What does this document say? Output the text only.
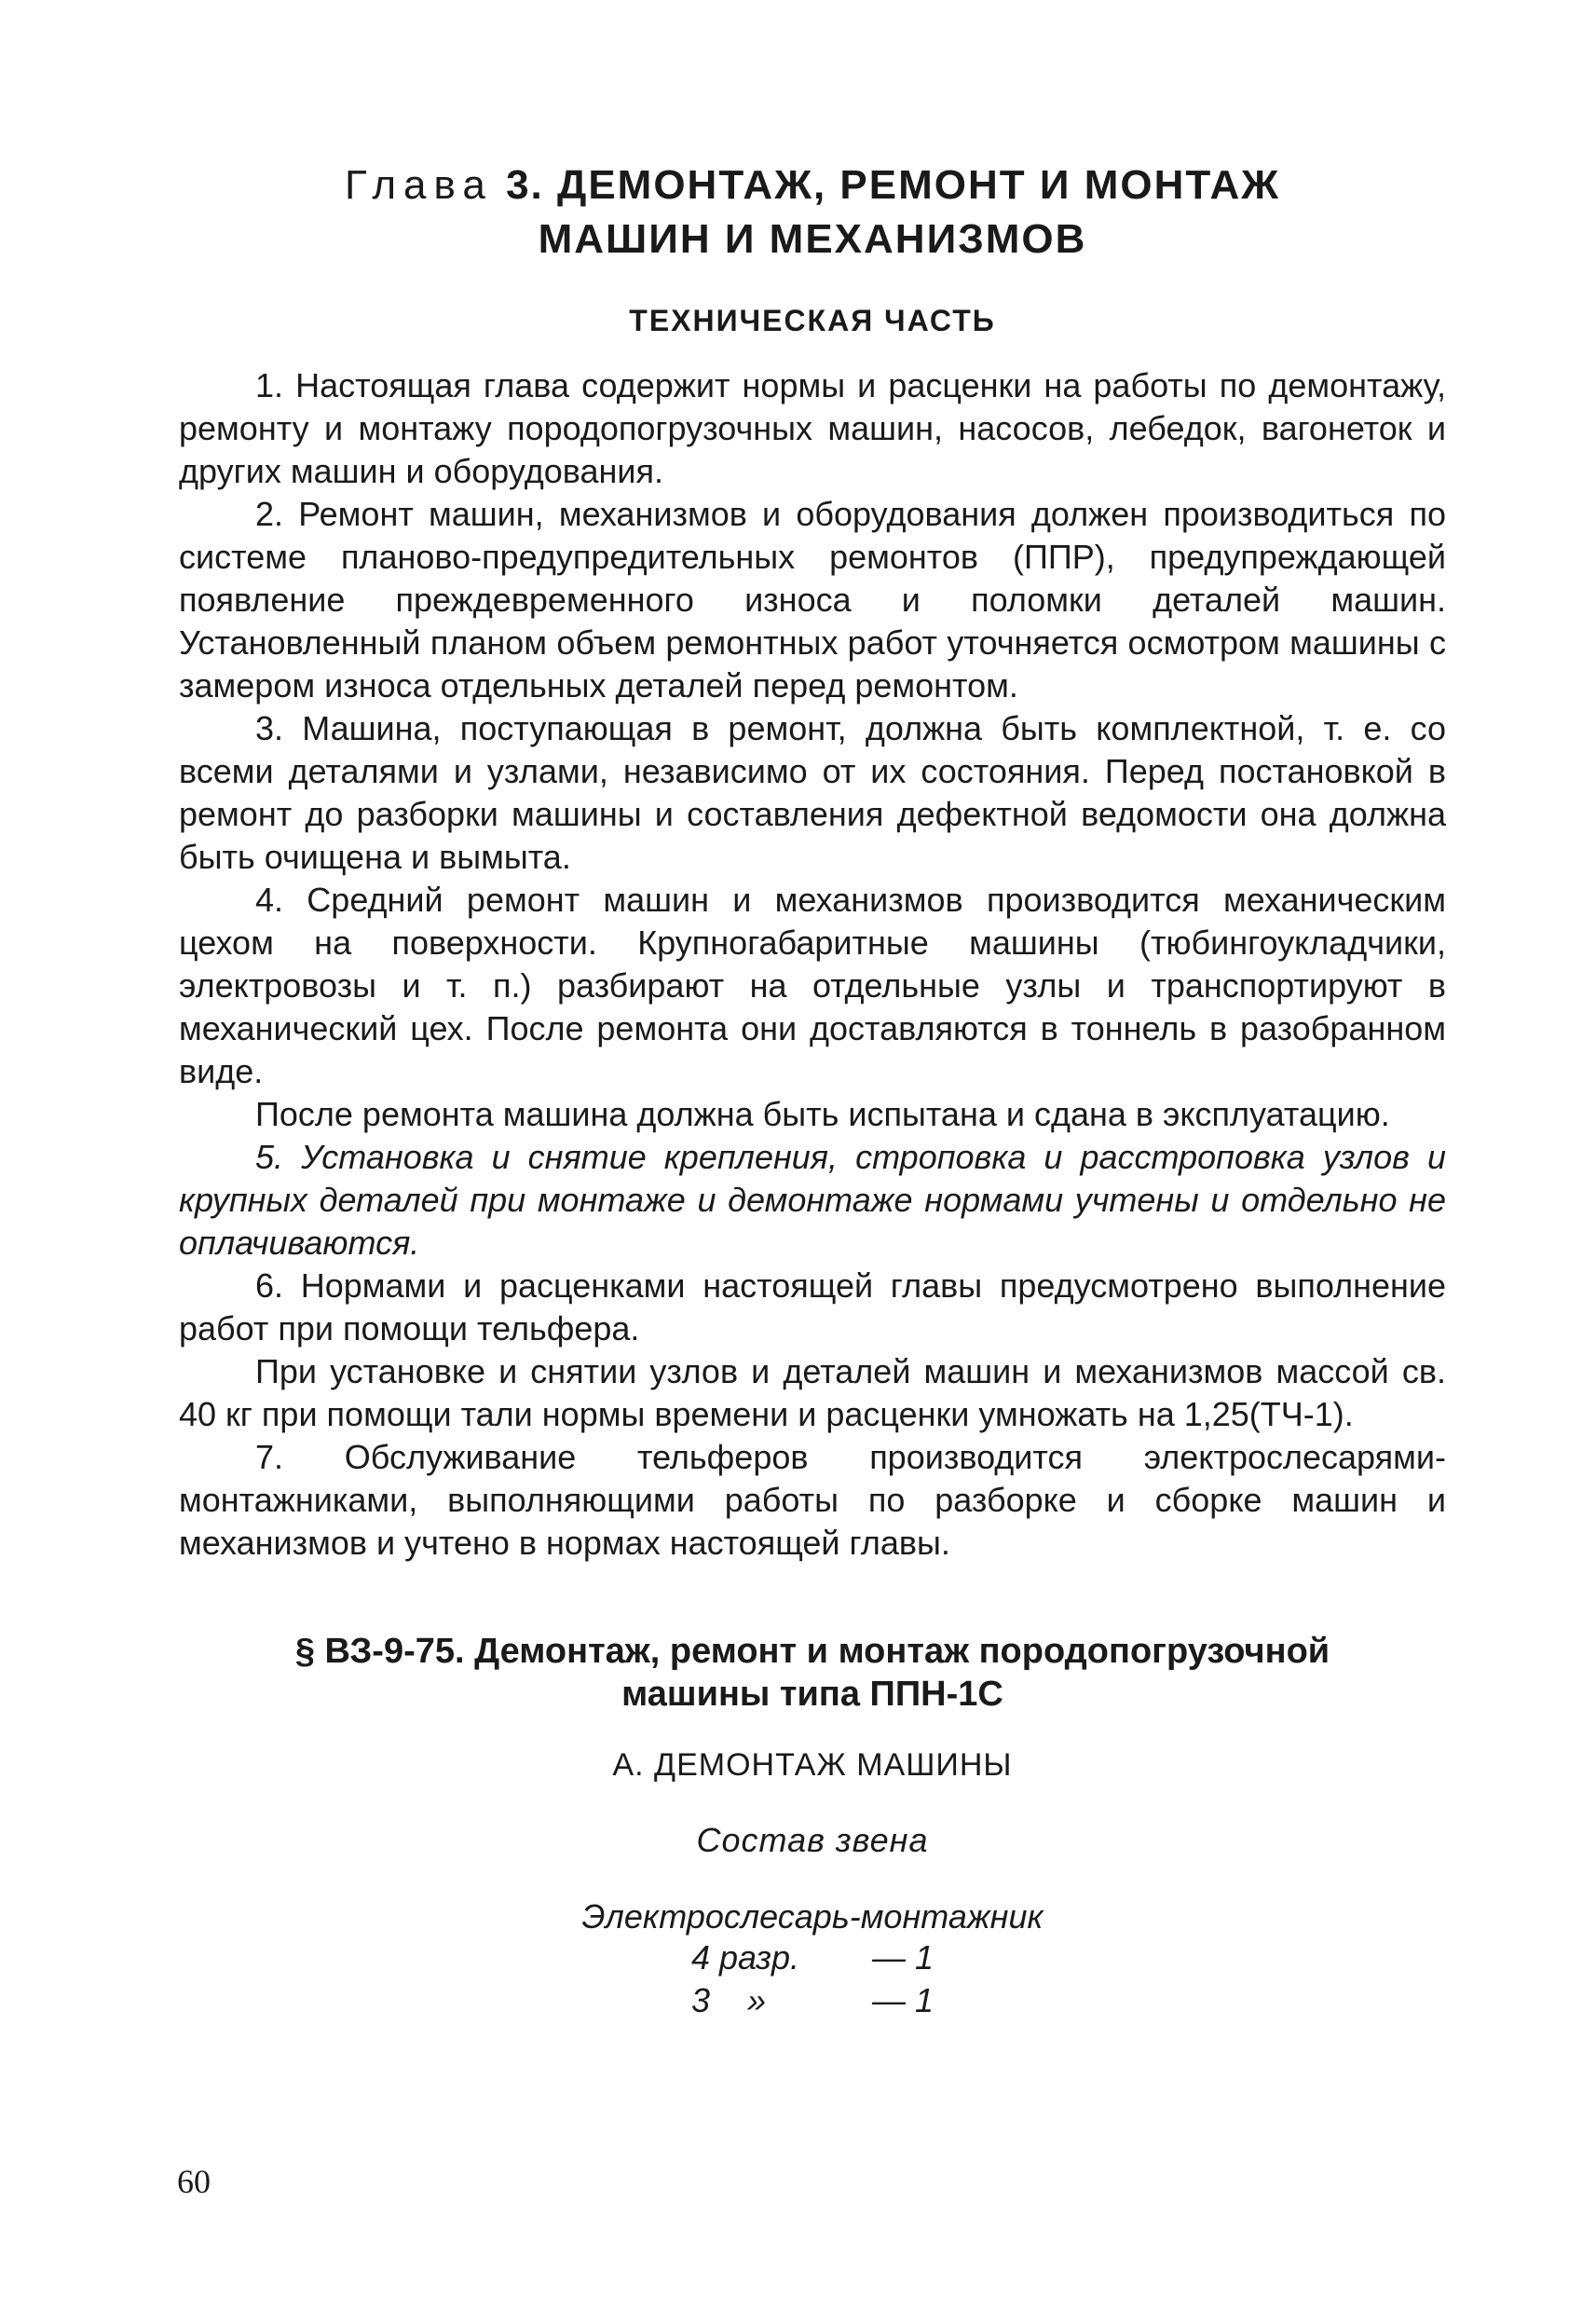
Глава 3. ДЕМОНТАЖ, РЕМОНТ И МОНТАЖ
МАШИН И МЕХАНИЗМОВ
ТЕХНИЧЕСКАЯ ЧАСТЬ

1. Настоящая глава содержит нормы и расценки на работы по демонтажу, ремонту и монтажу породопогрузочных машин, насосов, лебедок, вагонеток и других машин и оборудования.

2. Ремонт машин, механизмов и оборудования должен производиться по системе планово-предупредительных ремонтов (ППР), предупреждающей появление преждевременного износа и поломки деталей машин. Установленный планом объем ремонтных работ уточняется осмотром машины с замером износа отдельных деталей перед ремонтом.

3. Машина, поступающая в ремонт, должна быть комплектной, т. е. со всеми деталями и узлами, независимо от их состояния. Перед постановкой в ремонт до разборки машины и составления дефектной ведомости она должна быть очищена и вымыта.

4. Средний ремонт машин и механизмов производится механическим цехом на поверхности. Крупногабаритные машины (тюбингоукладчики, электровозы и т. п.) разбирают на отдельные узлы и транспортируют в механический цех. После ремонта они доставляются в тоннель в разобранном виде.

После ремонта машина должна быть испытана и сдана в эксплуатацию.

5. Установка и снятие крепления, строповка и расстроповка узлов и крупных деталей при монтаже и демонтаже нормами учтены и отдельно не оплачиваются.

6. Нормами и расценками настоящей главы предусмотрено выполнение работ при помощи тельфера.

При установке и снятии узлов и деталей машин и механизмов массой св. 40 кг при помощи тали нормы времени и расценки умножать на 1,25(ТЧ-1).

7. Обслуживание тельферов производится электрослесарями-монтажниками, выполняющими работы по разборке и сборке машин и механизмов и учтено в нормах настоящей главы.

§ ВЗ-9-75. Демонтаж, ремонт и монтаж породопогрузочной
машины типа ППН-1С
А. ДЕМОНТАЖ МАШИНЫ
Состав звена
Электрослесарь-монтажник
4 разр. — 1
3    »	— 1
60
